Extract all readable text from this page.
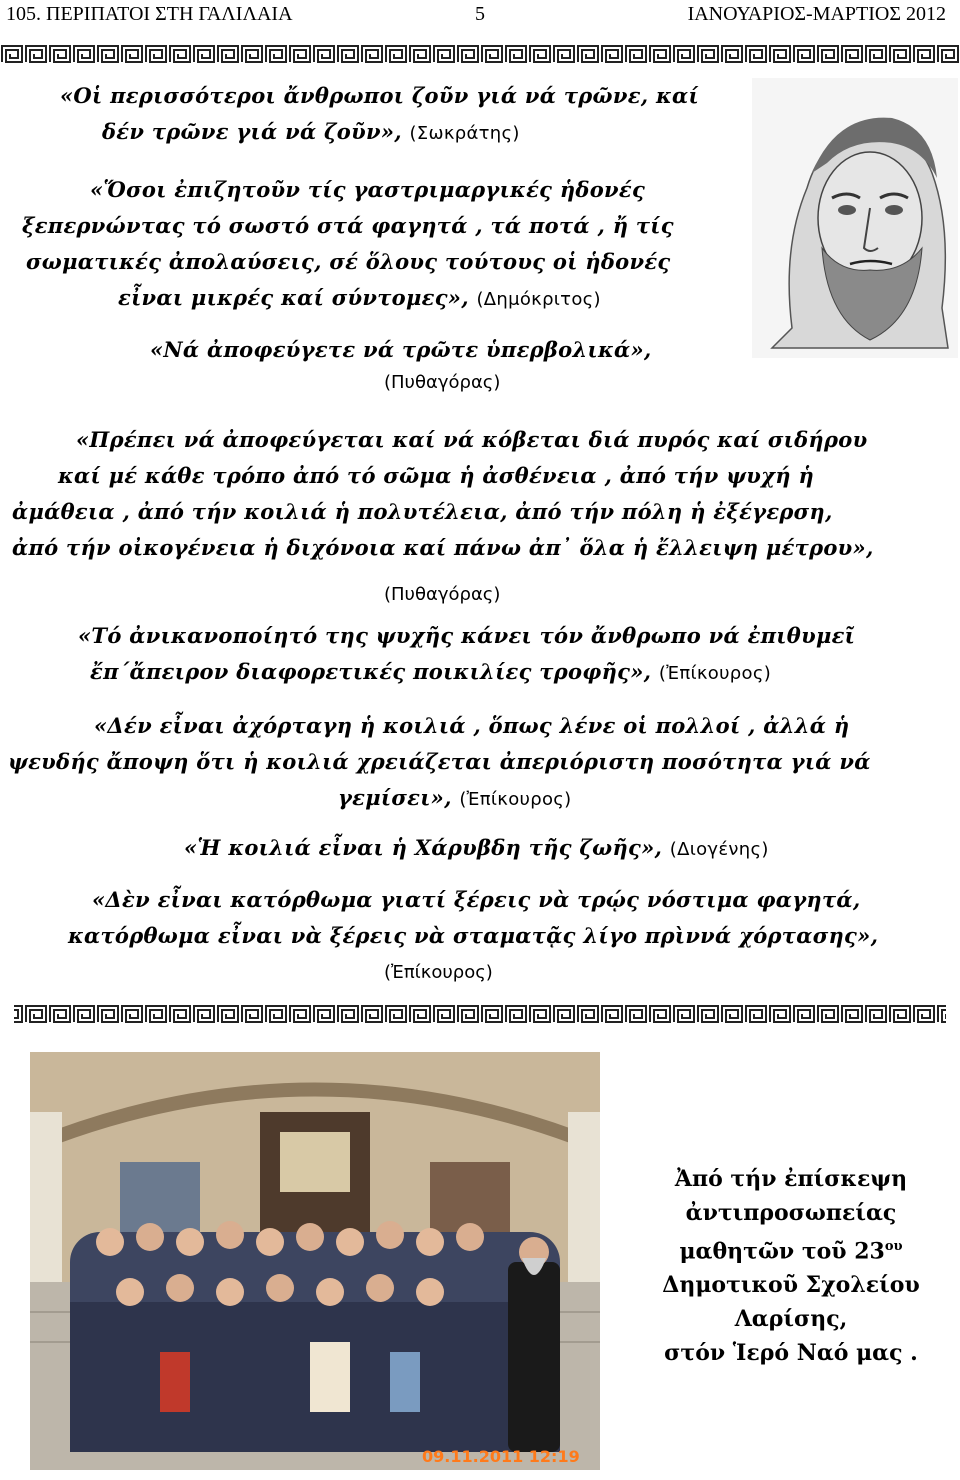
105. ΠΕΡΙΠΑΤΟΙ ΣΤΗ ΓΑΛΙΛΑΙΑ	5	ΙΑΝΟΥΑΡΙΟΣ-ΜΑΡΤΙΟΣ 2012
«Οἱ περισσότεροι ἄνθρωποι ζοῦν γιά νά τρῶνε, καί
δέν τρῶνε γιά νά ζοῦν», (Σωκράτης)
«Ὅσοι ἐπιζητοῦν τίς γαστριμαργικές ἡδονές
ξεπερνώντας τό σωστό στά φαγητά , τά ποτά , ἤ τίς
σωματικές ἀπολαύσεις, σέ ὅλους τούτους οἱ ἡδονές
εἶναι μικρές καί σύντομες», (Δημόκριτος)
«Νά ἀποφεύγετε νά τρῶτε ὑπερβολικά»,
(Πυθαγόρας)
«Πρέπει νά ἀποφεύγεται καί νά κόβεται διά πυρός καί σιδήρου
καί μέ κάθε τρόπο ἀπό τό σῶμα ἡ ἀσθένεια , ἀπό τήν ψυχή ἡ
ἀμάθεια , ἀπό τήν κοιλιά ἡ πολυτέλεια, ἀπό τήν πόλη ἡ ἐξέγερση,
ἀπό τήν οἰκογένεια ἡ διχόνοια καί πάνω ἀπ᾽ ὅλα ἡ ἔλλειψη μέτρου»,
(Πυθαγόρας)
«Τό ἀνικανοποίητό της ψυχῆς κάνει τόν ἄνθρωπο νά ἐπιθυμεῖ
ἔπ΄ἄπειρον διαφορετικές ποικιλίες τροφῆς», (Ἐπίκουρος)
«Δέν εἶναι ἀχόρταγη ἡ κοιλιά , ὅπως λένε οἱ πολλοί , ἀλλά ἡ
ψευδής ἄποψη ὅτι ἡ κοιλιά χρειάζεται ἀπεριόριστη ποσότητα γιά νά
γεμίσει», (Ἐπίκουρος)
«Ἡ κοιλιά εἶναι ἡ Χάρυβδη τῆς ζωῆς», (Διογένης)
«Δὲν εἶναι κατόρθωμα γιατί ξέρεις νὰ τρῴς νόστιμα φαγητά,
κατόρθωμα εἶναι νὰ ξέρεις νὰ σταματᾷς λίγο πρὶννά χόρτασης»,
(Ἐπίκουρος)
09.11.2011 12:19
Ἀπό τήν ἐπίσκεψη
ἀντιπροσωπείας
μαθητῶν τοῦ $23^{o\upsilon}$
Δημοτικοῦ Σχολείου
Λαρίσης,
στόν Ἱερό Ναό μας .
